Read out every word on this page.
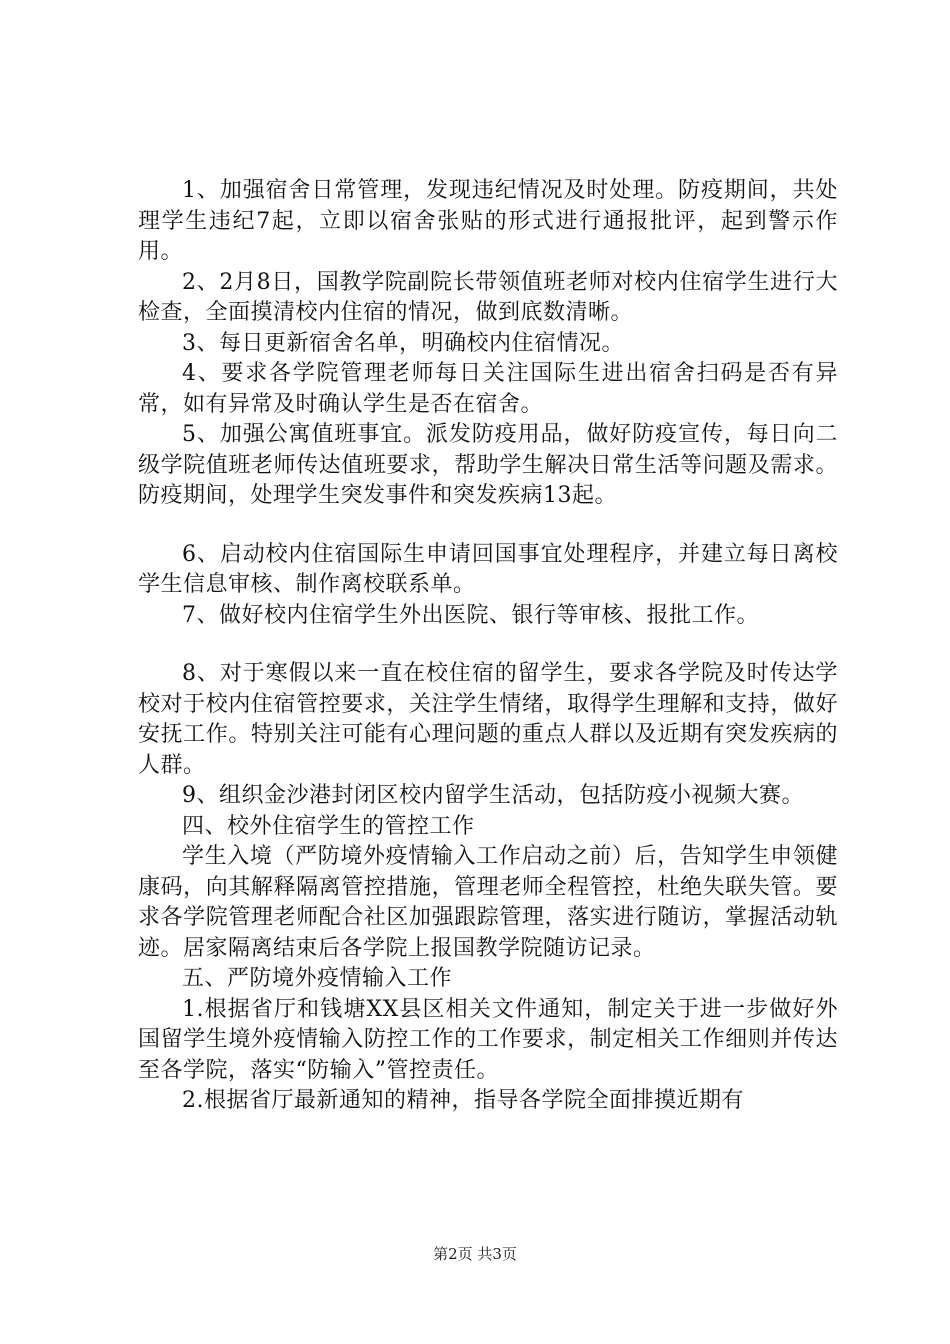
1、加强宿舍日常管理，发现违纪情况及时处理。防疫期间，共处理学生违纪7起，立即以宿舍张贴的形式进行通报批评，起到警示作用。

2、2月8日，国教学院副院长带领值班老师对校内住宿学生进行大检查，全面摸清校内住宿的情况，做到底数清晰。

3、每日更新宿舍名单，明确校内住宿情况。

4、要求各学院管理老师每日关注国际生进出宿舍扫码是否有异常，如有异常及时确认学生是否在宿舍。

5、加强公寓值班事宜。派发防疫用品，做好防疫宣传，每日向二级学院值班老师传达值班要求，帮助学生解决日常生活等问题及需求。防疫期间，处理学生突发事件和突发疾病13起。

6、启动校内住宿国际生申请回国事宜处理程序，并建立每日离校学生信息审核、制作离校联系单。

7、做好校内住宿学生外出医院、银行等审核、报批工作。

8、对于寒假以来一直在校住宿的留学生，要求各学院及时传达学校对于校内住宿管控要求，关注学生情绪，取得学生理解和支持，做好安抚工作。特别关注可能有心理问题的重点人群以及近期有突发疾病的人群。

9、组织金沙港封闭区校内留学生活动，包括防疫小视频大赛。

四、校外住宿学生的管控工作

学生入境（严防境外疫情输入工作启动之前）后，告知学生申领健康码，向其解释隔离管控措施，管理老师全程管控，杜绝失联失管。要求各学院管理老师配合社区加强跟踪管理，落实进行随访，掌握活动轨迹。居家隔离结束后各学院上报国教学院随访记录。

五、严防境外疫情输入工作

1.根据省厅和钱塘XX县区相关文件通知，制定关于进一步做好外国留学生境外疫情输入防控工作的工作要求，制定相关工作细则并传达至各学院，落实“防输入”管控责任。

2.根据省厅最新通知的精神，指导各学院全面排摸近期有

第2页 共3页
